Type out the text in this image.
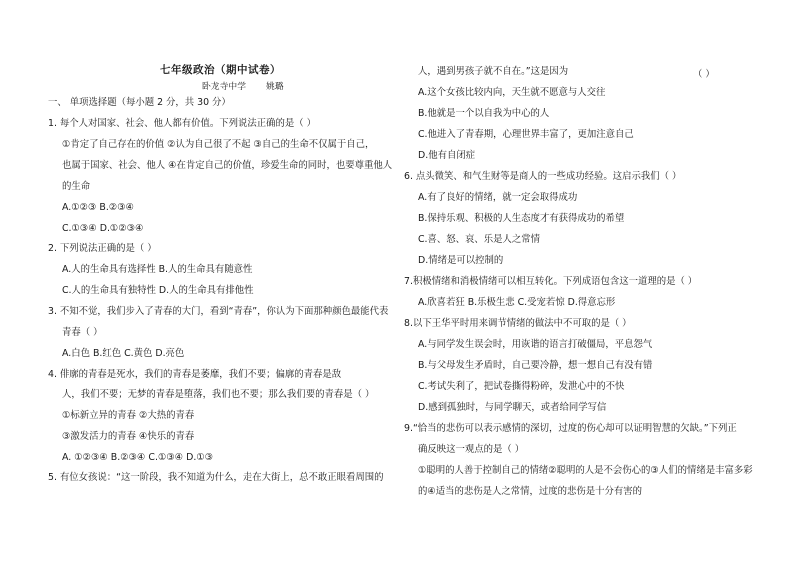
七年级政治（期中试卷）
卧龙寺中学 姚璐
一、 单项选择题（每小题 2 分，共 30 分）
1. 每个人对国家、社会、他人都有价值。下列说法正确的是（ ）
①肯定了自己存在的价值 ②认为自己很了不起 ③自己的生命不仅属于自己，
也属于国家、社会、他人 ④在肯定自己的价值，珍爱生命的同时，也要尊重他人
的生命
A.①②③ B.②③④
C.①③④ D.①②③④
2. 下列说法正确的是（ ）
A.人的生命具有选择性 B.人的生命具有随意性
C.人的生命具有独特性 D.人的生命具有排他性
3. 不知不觉，我们步入了青春的大门，看到“青春”，你认为下面那种颜色最能代表
青春（ ）
A.白色 B.红色 C.黄色 D.亮色
4. 俳廓的青春是死水，我们的青春是萎靡，我们不要；偏廓的青春是敌
人，我们不要；无梦的青春是堕落，我们也不要；那么我们要的青春是（ ）
①标新立异的青春 ②大热的青春
③激发活力的青春 ④快乐的青春
A. ①②③④ B.②③④ C.①③④ D.①③
5. 有位女孩说：“这一阶段，我不知道为什么，走在大街上，总不敢正眼看周围的
人，遇到男孩子就不自在。”这是因为	（ ）
A.这个女孩比较内向，天生就不愿意与人交往
B.他就是一个以自我为中心的人
C.他进入了青春期，心理世界丰富了，更加注意自己
D.他有自闭症
6. 点头微笑、和气生财等是商人的一些成功经验。这启示我们（ ）
A.有了良好的情绪，就一定会取得成功
B.保持乐观、积极的人生态度才有获得成功的希望
C.喜、怒、哀、乐是人之常情
D.情绪是可以控制的
7.积极情绪和消极情绪可以相互转化。下列成语包含这一道理的是（ ）
A.欣喜若狂 B.乐极生悲 C.受宠若惊 D.得意忘形
8.以下王华平时用来调节情绪的做法中不可取的是（ ）
A.与同学发生误会时，用诙谐的语言打破僵局，平息怨气
B.与父母发生矛盾时，自己要冷静，想一想自己有没有错
C.考试失利了，把试卷撕得粉碎，发泄心中的不快
D.感到孤独时，与同学聊天，或者给同学写信
9.“恰当的悲伤可以表示感情的深切，过度的伤心却可以证明智慧的欠缺。”下列正
确反映这一观点的是（ ）
①聪明的人善于控制自己的情绪②聪明的人是不会伤心的③人们的情绪是丰富多彩
的④适当的悲伤是人之常情，过度的悲伤是十分有害的
